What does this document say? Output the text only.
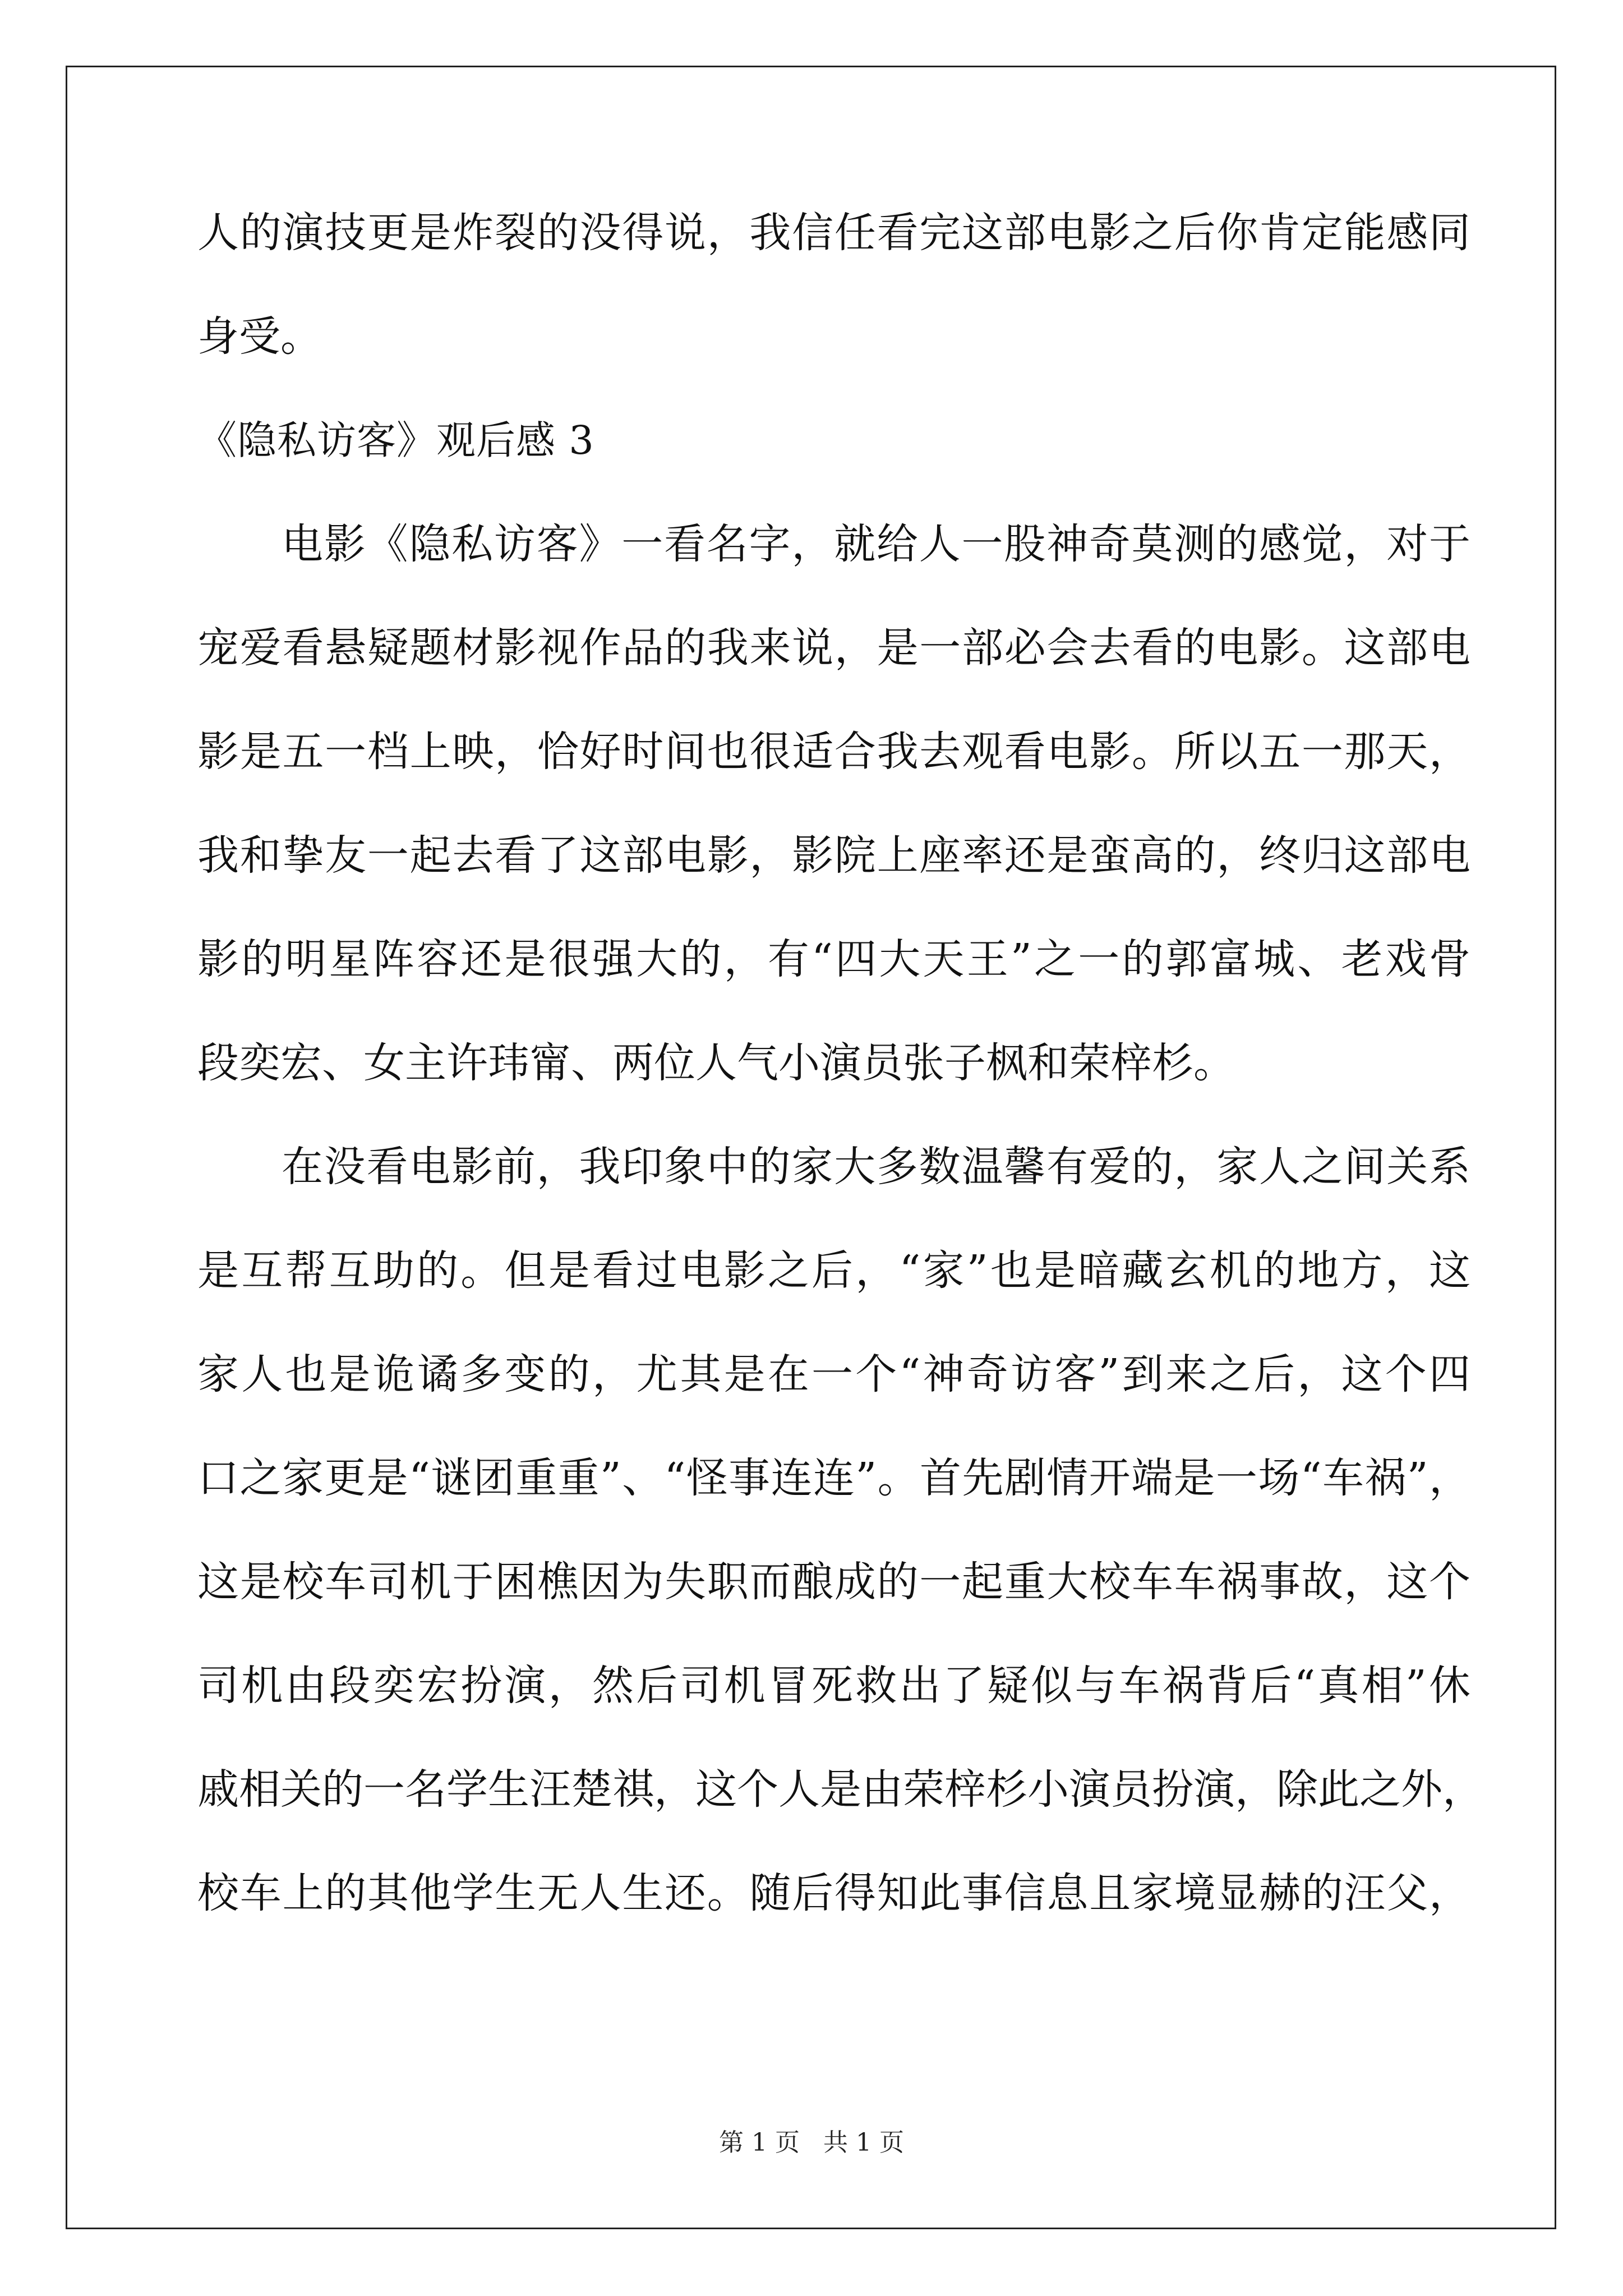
人的演技更是炸裂的没得说，我信任看完这部电影之后你肯定能感同
身受。
《隐私访客》观后感 3
电影《隐私访客》一看名字，就给人一股神奇莫测的感觉，对于
宠爱看悬疑题材影视作品的我来说，是一部必会去看的电影。这部电
影是五一档上映，恰好时间也很适合我去观看电影。所以五一那天，
我和挚友一起去看了这部电影，影院上座率还是蛮高的，终归这部电
影的明星阵容还是很强大的，有“四大天王”之一的郭富城、老戏骨
段奕宏、女主许玮甯、两位人气小演员张子枫和荣梓杉。
在没看电影前，我印象中的家大多数温馨有爱的，家人之间关系
是互帮互助的。但是看过电影之后，“家”也是暗藏玄机的地方，这
家人也是诡谲多变的，尤其是在一个“神奇访客”到来之后，这个四
口之家更是“谜团重重”、“怪事连连”。首先剧情开端是一场“车祸”，
这是校车司机于困樵因为失职而酿成的一起重大校车车祸事故，这个
司机由段奕宏扮演，然后司机冒死救出了疑似与车祸背后“真相”休
戚相关的一名学生汪楚祺，这个人是由荣梓杉小演员扮演，除此之外，
校车上的其他学生无人生还。随后得知此事信息且家境显赫的汪父，
第 1 页 共 1 页
